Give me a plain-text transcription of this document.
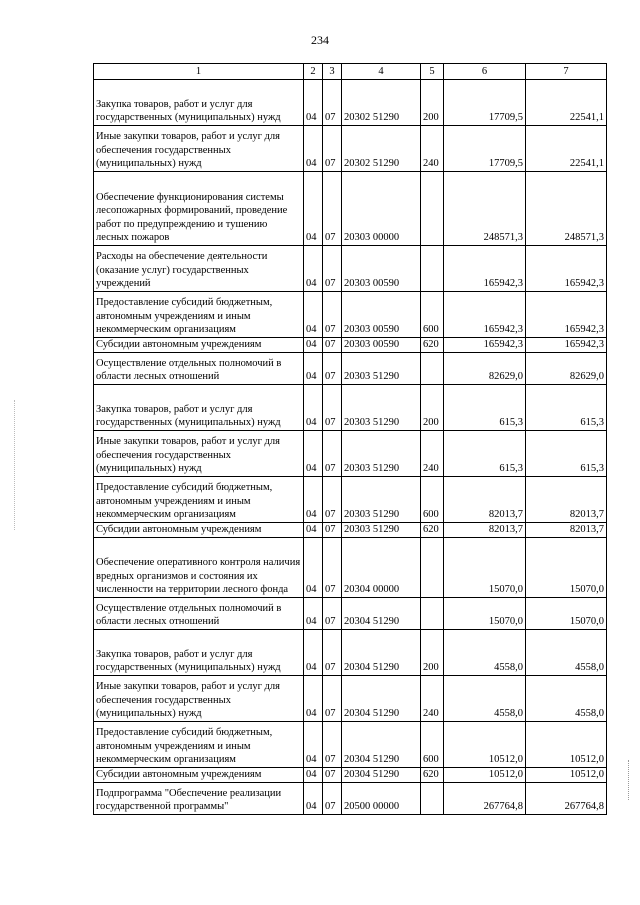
234
1	2	3	4	5	6	7
Закупка товаров, работ и услуг для государственных (муниципальных) нужд	04	07	20302 51290	200	17709,5	22541,1
Иные закупки товаров, работ и услуг для обеспечения государственных (муниципальных) нужд	04	07	20302 51290	240	17709,5	22541,1
Обеспечение функционирования системы лесопожарных формирований, проведение работ по предупреждению и тушению лесных пожаров	04	07	20303 00000		248571,3	248571,3
Расходы на обеспечение деятельности (оказание услуг) государственных учреждений	04	07	20303 00590		165942,3	165942,3
Предоставление субсидий бюджетным, автономным учреждениям и иным некоммерческим организациям	04	07	20303 00590	600	165942,3	165942,3
Субсидии автономным учреждениям	04	07	20303 00590	620	165942,3	165942,3
Осуществление отдельных полномочий в области лесных отношений	04	07	20303 51290		82629,0	82629,0
Закупка товаров, работ и услуг для государственных (муниципальных) нужд	04	07	20303 51290	200	615,3	615,3
Иные закупки товаров, работ и услуг для обеспечения государственных (муниципальных) нужд	04	07	20303 51290	240	615,3	615,3
Предоставление субсидий бюджетным, автономным учреждениям и иным некоммерческим организациям	04	07	20303 51290	600	82013,7	82013,7
Субсидии автономным учреждениям	04	07	20303 51290	620	82013,7	82013,7
Обеспечение оперативного контроля наличия вредных организмов и состояния их численности на территории лесного фонда	04	07	20304 00000		15070,0	15070,0
Осуществление отдельных полномочий в области лесных отношений	04	07	20304 51290		15070,0	15070,0
Закупка товаров, работ и услуг для государственных (муниципальных) нужд	04	07	20304 51290	200	4558,0	4558,0
Иные закупки товаров, работ и услуг для обеспечения государственных (муниципальных) нужд	04	07	20304 51290	240	4558,0	4558,0
Предоставление субсидий бюджетным, автономным учреждениям и иным некоммерческим организациям	04	07	20304 51290	600	10512,0	10512,0
Субсидии автономным учреждениям	04	07	20304 51290	620	10512,0	10512,0
Подпрограмма "Обеспечение реализации государственной программы"	04	07	20500 00000		267764,8	267764,8
